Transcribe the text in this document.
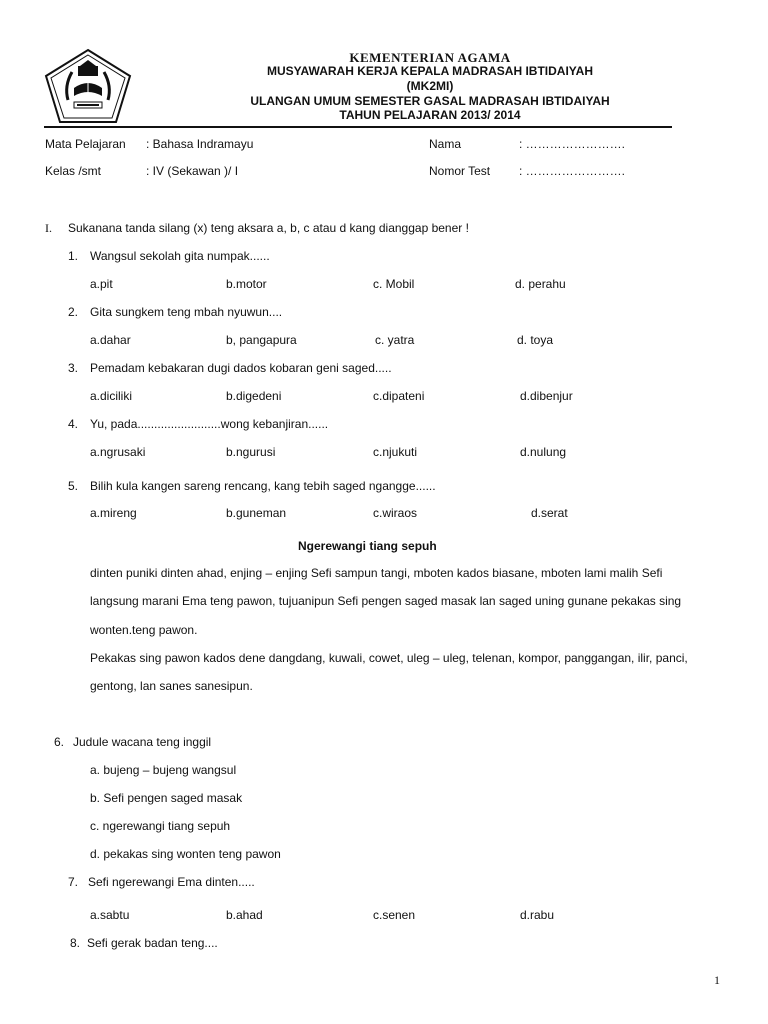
KEMENTERIAN AGAMA
MUSYAWARAH KERJA KEPALA MADRASAH IBTIDAIYAH
(MK2MI)
ULANGAN UMUM SEMESTER GASAL MADRASAH IBTIDAIYAH
TAHUN PELAJARAN 2013/ 2014
Mata Pelajaran : Bahasa Indramayu	Nama	: …………………….
Kelas /smt	: IV (Sekawan )/ I	Nomor Test : …………………….
I. Sukanana tanda silang (x) teng aksara a, b, c atau d kang dianggap bener !
1. Wangsul sekolah gita numpak......
a.pit	b.motor	c. Mobil	d. perahu
2. Gita sungkem teng mbah nyuwun....
a.dahar	b, pangapura	c. yatra	d. toya
3. Pemadam kebakaran dugi dados kobaran geni saged.....
a.diciliki	b.digedeni	c.dipateni	d.dibenjur
4. Yu, pada.........................wong kebanjiran......
a.ngrusaki	b.ngurusi	c.njukuti	d.nulung
5. Bilih kula kangen sareng rencang, kang tebih saged ngangge......
a.mireng	b.guneman	c.wiraos	d.serat
Ngerewangi tiang sepuh
dinten puniki dinten ahad, enjing – enjing Sefi sampun tangi, mboten kados biasane, mboten lami malih Sefi
langsung marani Ema teng pawon, tujuanipun Sefi pengen saged masak lan saged uning gunane pekakas sing
wonten.teng pawon.
Pekakas sing pawon kados dene dangdang, kuwali, cowet, uleg – uleg, telenan, kompor, panggangan, ilir, panci,
gentong, lan sanes sanesipun.
6. Judule wacana teng inggil
a. bujeng – bujeng wangsul
b. Sefi pengen saged masak
c. ngerewangi tiang sepuh
d. pekakas sing wonten teng pawon
7. Sefi ngerewangi Ema dinten.....
a.sabtu	b.ahad	c.senen	d.rabu
8. Sefi gerak badan teng....
1
